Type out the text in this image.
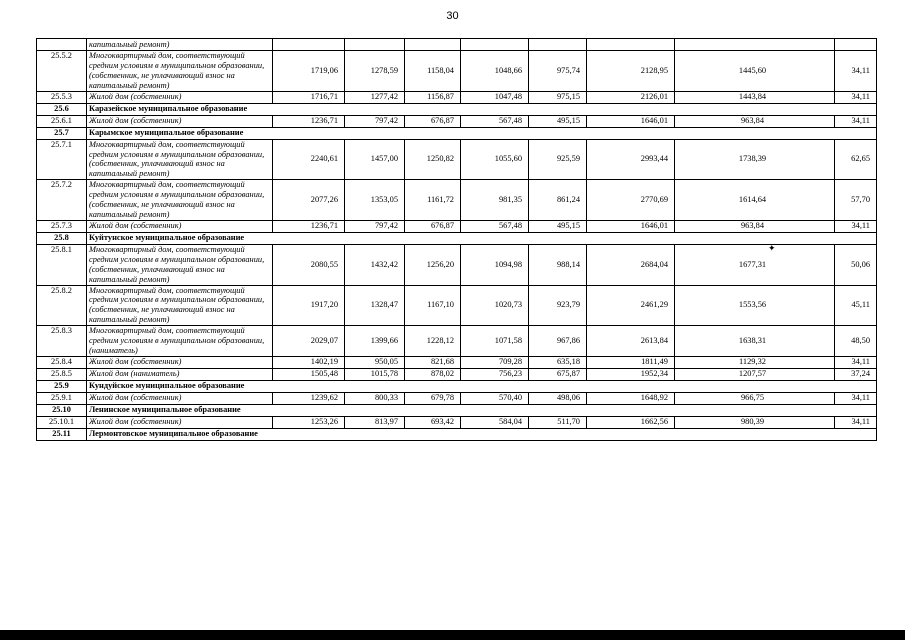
30
	капитальный ремонт)								
25.5.2	Многоквартирный дом, соответствующий средним условиям в муниципальном образовании, (собственник, не уплачивающий взнос на капитальный ремонт)	1719,06	1278,59	1158,04	1048,66	975,74	2128,95	1445,60	34,11
25.5.3	Жилой дом (собственник)	1716,71	1277,42	1156,87	1047,48	975,15	2126,01	1443,84	34,11
25.6	Каразейское муниципальное образование								
25.6.1	Жилой дом (собственник)	1236,71	797,42	676,87	567,48	495,15	1646,01	963,84	34,11
25.7	Карымское муниципальное образование								
25.7.1	Многоквартирный дом, соответствующий средним условиям в муниципальном образовании, (собственник, уплачивающий взнос на капитальный ремонт)	2240,61	1457,00	1250,82	1055,60	925,59	2993,44	1738,39	62,65
25.7.2	Многоквартирный дом, соответствующий средним условиям в муниципальном образовании, (собственник, не уплачивающий взнос на капитальный ремонт)	2077,26	1353,05	1161,72	981,35	861,24	2770,69	1614,64	57,70
25.7.3	Жилой дом (собственник)	1236,71	797,42	676,87	567,48	495,15	1646,01	963,84	34,11
25.8	Куйтунское муниципальное образование								
25.8.1	Многоквартирный дом, соответствующий средним условиям в муниципальном образовании, (собственник, уплачивающий взнос на капитальный ремонт)	2080,55	1432,42	1256,20	1094,98	988,14	2684,04	1677,31	50,06
25.8.2	Многоквартирный дом, соответствующий средним условиям в муниципальном образовании, (собственник, не уплачивающий взнос на капитальный ремонт)	1917,20	1328,47	1167,10	1020,73	923,79	2461,29	1553,56	45,11
25.8.3	Многоквартирный дом, соответствующий средним условиям в муниципальном образовании, (наниматель)	2029,07	1399,66	1228,12	1071,58	967,86	2613,84	1638,31	48,50
25.8.4	Жилой дом (собственник)	1402,19	950,05	821,68	709,28	635,18	1811,49	1129,32	34,11
25.8.5	Жилой дом (наниматель)	1505,48	1015,78	878,02	756,23	675,87	1952,34	1207,57	37,24
25.9	Кундуйское муниципальное образование								
25.9.1	Жилой дом (собственник)	1239,62	800,33	679,78	570,40	498,06	1648,92	966,75	34,11
25.10	Ленинское муниципальное образование								
25.10.1	Жилой дом (собственник)	1253,26	813,97	693,42	584,04	511,70	1662,56	980,39	34,11
25.11	Лермонтовское муниципальное образование								
✦
